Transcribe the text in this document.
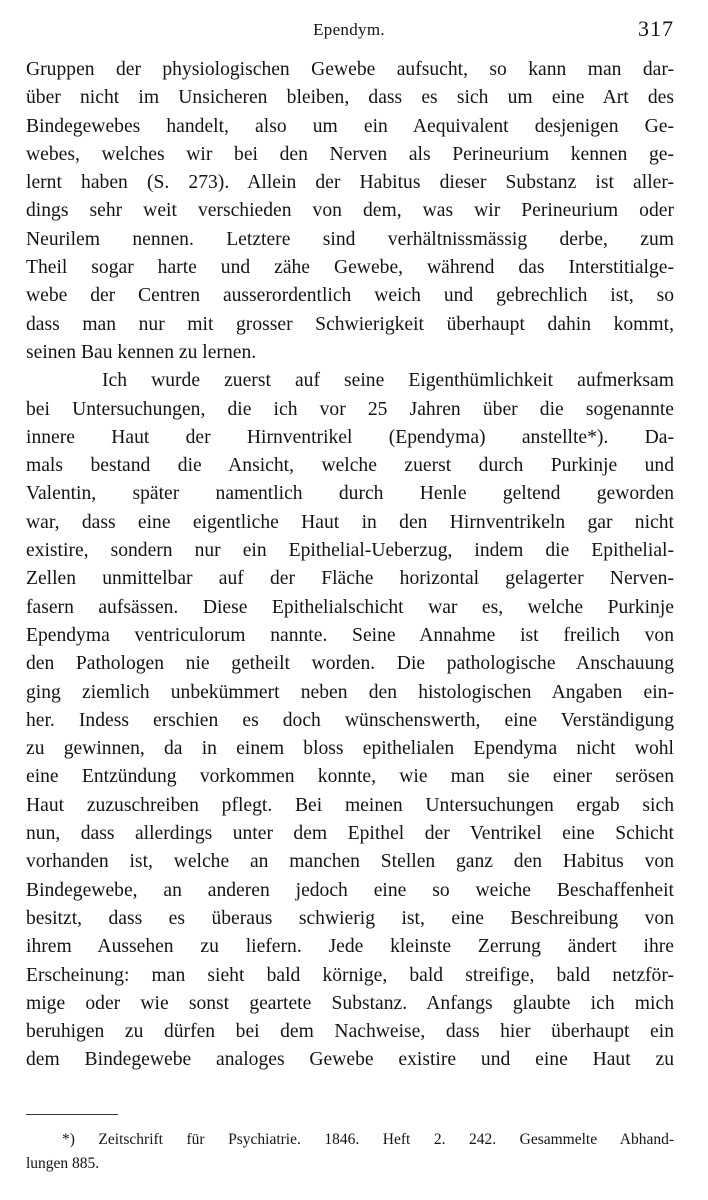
Ependym.	317
Gruppen der physiologischen Gewebe aufsucht, so kann man dar-
über nicht im Unsicheren bleiben, dass es sich um eine Art des
Bindegewebes handelt, also um ein Aequivalent desjenigen Ge-
webes, welches wir bei den Nerven als Perineurium kennen ge-
lernt haben (S. 273). Allein der Habitus dieser Substanz ist aller-
dings sehr weit verschieden von dem, was wir Perineurium oder
Neurilem nennen. Letztere sind verhältnissmässig derbe, zum
Theil sogar harte und zähe Gewebe, während das Interstitialge-
webe der Centren ausserordentlich weich und gebrechlich ist, so
dass man nur mit grosser Schwierigkeit überhaupt dahin kommt,
seinen Bau kennen zu lernen.
Ich wurde zuerst auf seine Eigenthümlichkeit aufmerksam
bei Untersuchungen, die ich vor 25 Jahren über die sogenannte
innere Haut der Hirnventrikel (Ependyma) anstellte*). Da-
mals bestand die Ansicht, welche zuerst durch Purkinje und
Valentin, später namentlich durch Henle geltend geworden
war, dass eine eigentliche Haut in den Hirnventrikeln gar nicht
existire, sondern nur ein Epithelial-Ueberzug, indem die Epithelial-
Zellen unmittelbar auf der Fläche horizontal gelagerter Nerven-
fasern aufsässen. Diese Epithelialschicht war es, welche Purkinje
Ependyma ventriculorum nannte. Seine Annahme ist freilich von
den Pathologen nie getheilt worden. Die pathologische Anschauung
ging ziemlich unbekümmert neben den histologischen Angaben ein-
her. Indess erschien es doch wünschenswerth, eine Verständigung
zu gewinnen, da in einem bloss epithelialen Ependyma nicht wohl
eine Entzündung vorkommen konnte, wie man sie einer serösen
Haut zuzuschreiben pflegt. Bei meinen Untersuchungen ergab sich
nun, dass allerdings unter dem Epithel der Ventrikel eine Schicht
vorhanden ist, welche an manchen Stellen ganz den Habitus von
Bindegewebe, an anderen jedoch eine so weiche Beschaffenheit
besitzt, dass es überaus schwierig ist, eine Beschreibung von
ihrem Aussehen zu liefern. Jede kleinste Zerrung ändert ihre
Erscheinung: man sieht bald körnige, bald streifige, bald netzför-
mige oder wie sonst geartete Substanz. Anfangs glaubte ich mich
beruhigen zu dürfen bei dem Nachweise, dass hier überhaupt ein
dem Bindegewebe analoges Gewebe existire und eine Haut zu
*) Zeitschrift für Psychiatrie. 1846. Heft 2. 242. Gesammelte Abhand-
lungen 885.
